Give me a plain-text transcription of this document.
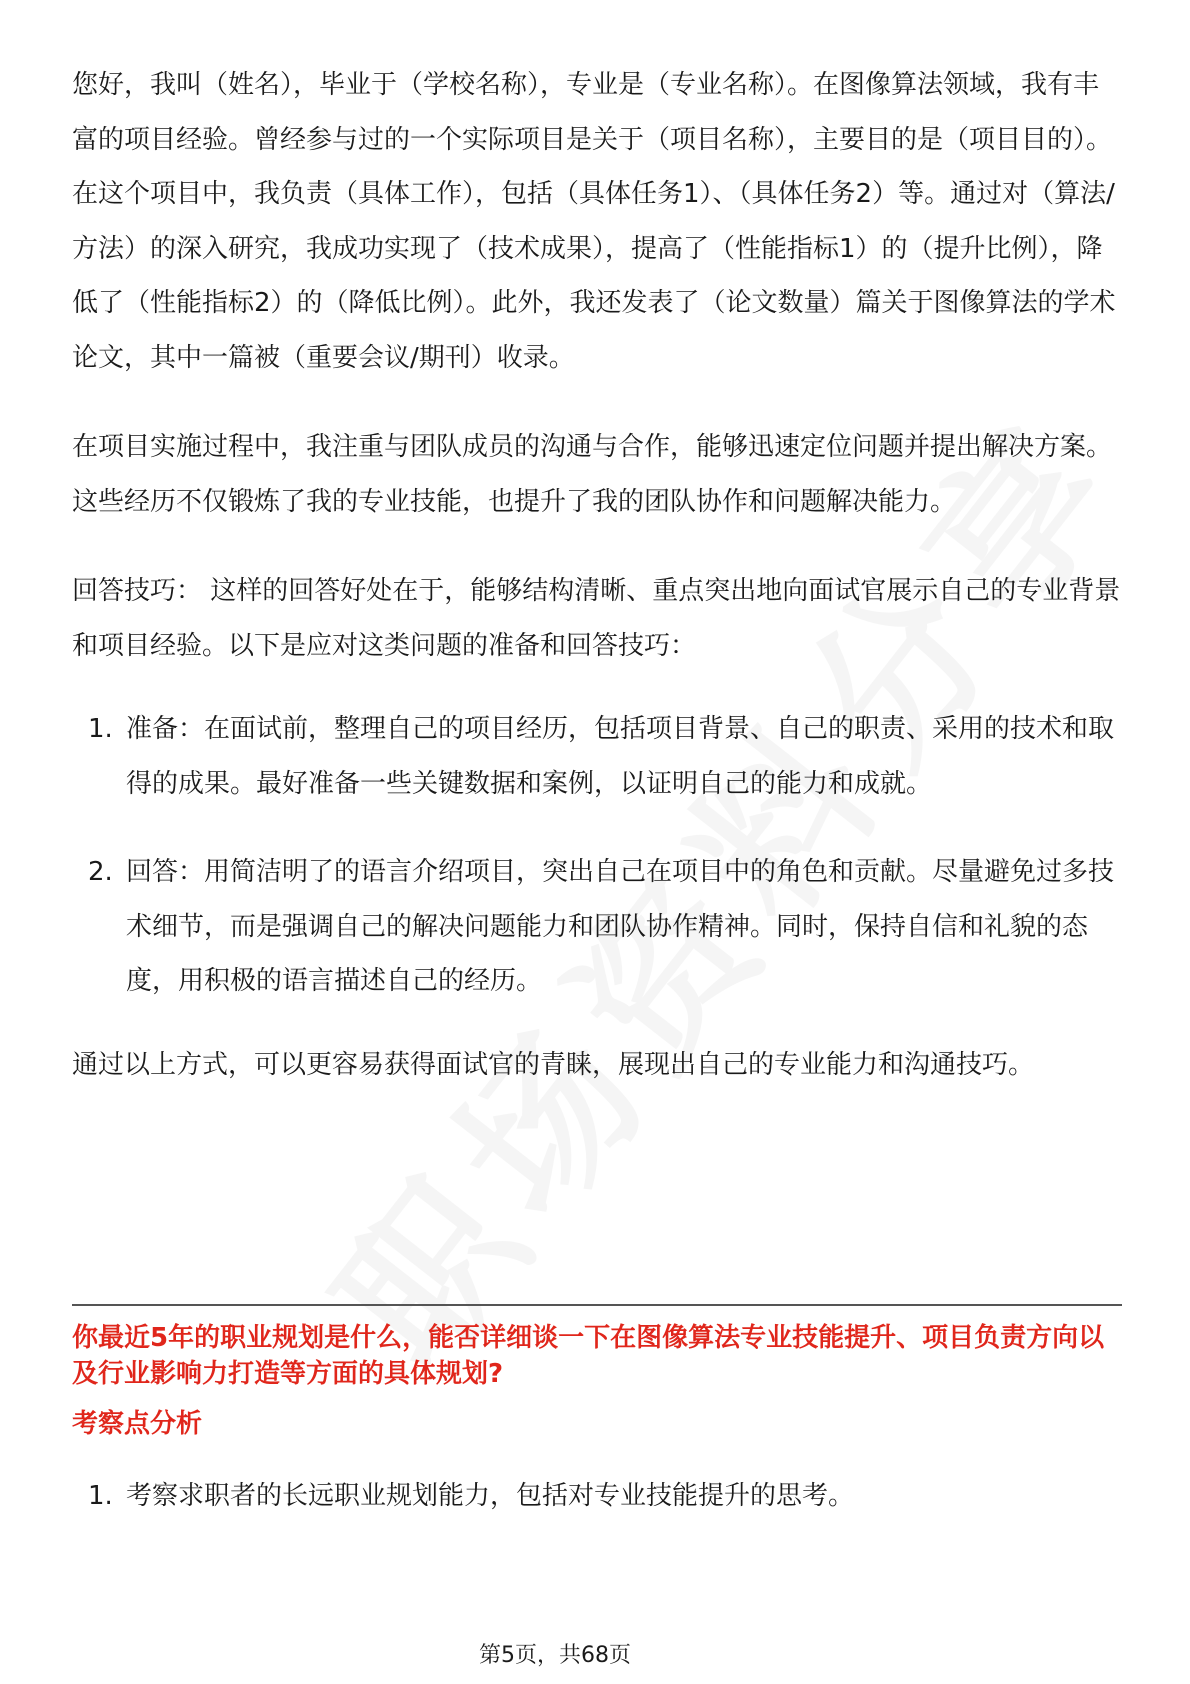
您好，我叫（姓名），毕业于（学校名称），专业是（专业名称）。在图像算法领域，我有丰富的项目经验。曾经参与过的一个实际项目是关于（项目名称），主要目的是（项目目的）。在这个项目中，我负责（具体工作），包括（具体任务1）、（具体任务2）等。通过对（算法/方法）的深入研究，我成功实现了（技术成果），提高了（性能指标1）的（提升比例），降低了（性能指标2）的（降低比例）。此外，我还发表了（论文数量）篇关于图像算法的学术论文，其中一篇被（重要会议/期刊）收录。

在项目实施过程中，我注重与团队成员的沟通与合作，能够迅速定位问题并提出解决方案。这些经历不仅锻炼了我的专业技能，也提升了我的团队协作和问题解决能力。

回答技巧： 这样的回答好处在于，能够结构清晰、重点突出地向面试官展示自己的专业背景和项目经验。以下是应对这类问题的准备和回答技巧：

1. 准备：在面试前，整理自己的项目经历，包括项目背景、自己的职责、采用的技术和取得的成果。最好准备一些关键数据和案例，以证明自己的能力和成就。
2. 回答：用简洁明了的语言介绍项目，突出自己在项目中的角色和贡献。尽量避免过多技术细节，而是强调自己的解决问题能力和团队协作精神。同时，保持自信和礼貌的态度，用积极的语言描述自己的经历。

通过以上方式，可以更容易获得面试官的青睐，展现出自己的专业能力和沟通技巧。

你最近5年的职业规划是什么，能否详细谈一下在图像算法专业技能提升、项目负责方向以及行业影响力打造等方面的具体规划?

考察点分析

1. 考察求职者的长远职业规划能力，包括对专业技能提升的思考。
第5页，共68页
